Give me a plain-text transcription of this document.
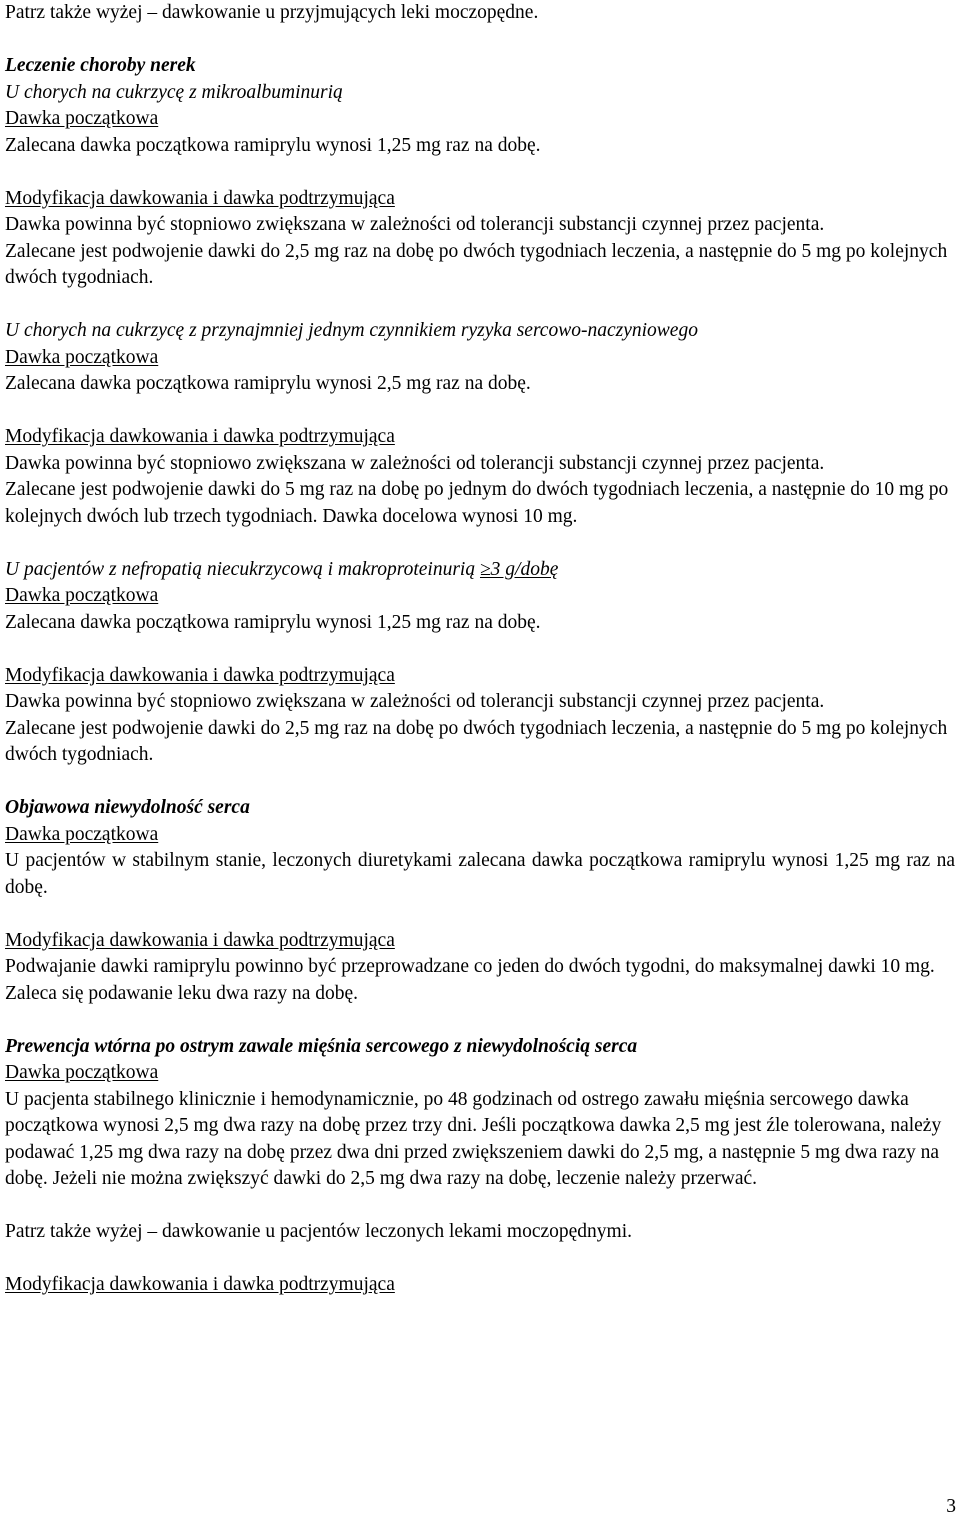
Patrz także wyżej – dawkowanie u przyjmujących leki moczopędne.

Leczenie choroby nerek

U chorych na cukrzycę z mikroalbuminurią

Dawka początkowa

Zalecana dawka początkowa ramiprylu wynosi 1,25 mg raz na dobę.

Modyfikacja dawkowania i dawka podtrzymująca

Dawka powinna być stopniowo zwiększana w zależności od tolerancji substancji czynnej przez pacjenta.

Zalecane jest podwojenie dawki do 2,5 mg raz na dobę po dwóch tygodniach leczenia, a następnie do 5 mg po kolejnych dwóch tygodniach.

U chorych na cukrzycę z przynajmniej jednym czynnikiem ryzyka sercowo-naczyniowego

Dawka początkowa

Zalecana dawka początkowa ramiprylu wynosi 2,5 mg raz na dobę.

Modyfikacja dawkowania i dawka podtrzymująca

Dawka powinna być stopniowo zwiększana w zależności od tolerancji substancji czynnej przez pacjenta.

Zalecane jest podwojenie dawki do 5 mg raz na dobę po jednym do dwóch tygodniach leczenia, a następnie do 10 mg po kolejnych dwóch lub trzech tygodniach. Dawka docelowa wynosi 10 mg.

U pacjentów z nefropatią niecukrzycową i makroproteinurią ≥3 g/dobę

Dawka początkowa

Zalecana dawka początkowa ramiprylu wynosi 1,25 mg raz na dobę.

Modyfikacja dawkowania i dawka podtrzymująca

Dawka powinna być stopniowo zwiększana w zależności od tolerancji substancji czynnej przez pacjenta.

Zalecane jest podwojenie dawki do 2,5 mg raz na dobę po dwóch tygodniach leczenia, a następnie do 5 mg po kolejnych dwóch tygodniach.

Objawowa niewydolność serca

Dawka początkowa

U pacjentów w stabilnym stanie, leczonych diuretykami zalecana dawka początkowa ramiprylu wynosi 1,25 mg raz na dobę.

Modyfikacja dawkowania i dawka podtrzymująca

Podwajanie dawki ramiprylu powinno być przeprowadzane co jeden do dwóch tygodni, do maksymalnej dawki 10 mg. Zaleca się podawanie leku dwa razy na dobę.

Prewencja wtórna po ostrym zawale mięśnia sercowego z niewydolnością serca

Dawka początkowa

U pacjenta stabilnego klinicznie i hemodynamicznie, po 48 godzinach od ostrego zawału mięśnia sercowego dawka początkowa wynosi 2,5 mg dwa razy na dobę przez trzy dni. Jeśli początkowa dawka 2,5 mg jest źle tolerowana, należy podawać 1,25 mg dwa razy na dobę przez dwa dni przed zwiększeniem dawki do 2,5 mg, a następnie 5 mg dwa razy na dobę. Jeżeli nie można zwiększyć dawki do 2,5 mg dwa razy na dobę, leczenie należy przerwać.

Patrz także wyżej – dawkowanie u pacjentów leczonych lekami moczopędnymi.

Modyfikacja dawkowania i dawka podtrzymująca

3
